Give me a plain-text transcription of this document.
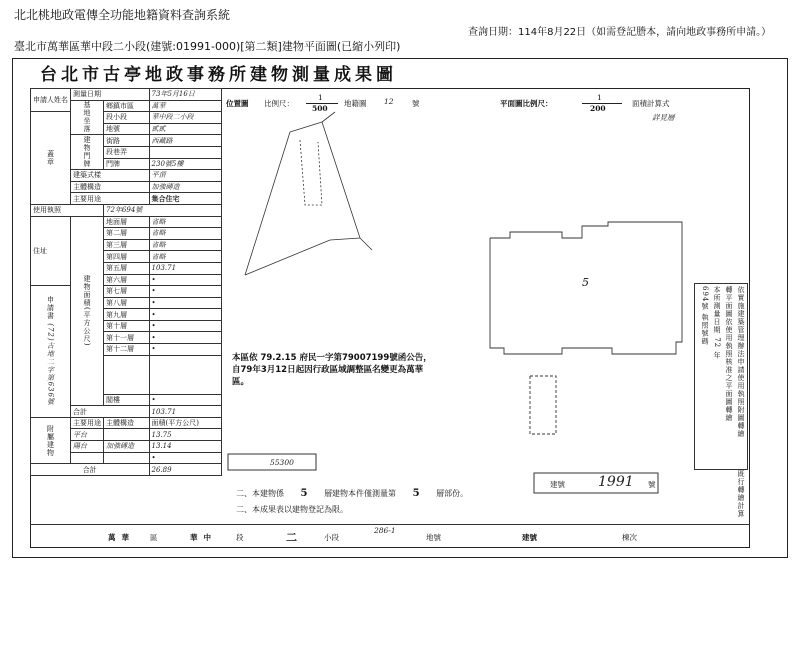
北北桃地政電傳全功能地籍資料查詢系統
查詢日期：114年8月22日（如需登記謄本，請向地政事務所申請。）
臺北市萬華區華中段二小段(建號:01991-000)[第二類]建物平面圖(已縮小列印)
台北市古亭地政事務所建物測量成果圖
申請人姓名	測量日期		73年5月16日
	基地坐落	鄉鎮市區	萬華
蓋章		段小段	華中段二小段
		地號	貳貳
	建物門牌	街路	西藏路
		段巷弄	
		門牌	230號5樓
	建築式樣		平頂
	主體構造		加強磚造
	主要用途		集合住宅
使用執照		72年694號	
住址	建物面積(平方公尺)	地面層	省略
		第二層	省略
		第三層	省略
		第四層	省略
		第五層	103.71
		第六層	•
申請書 (72)古地二字第636號		第七層	•
		第八層	•
		第九層	•
		第十層	•
		第十一層	•
		第十二層	•

		閣樓	•
	合計		103.71
附屬建物	主要用途	主體構造	面積(平方公尺)
	平台		13.75
	陽台	加強磚造	13.14
			•
合計			26.89
位置圖 比例尺：
1
500
地籍圖 12 號	平面圖比例尺：
1
200
面積計算式
詳見層
5
本區依 79.2.15 府民一字第79007199號函公告，自79年3月12日起因行政區域調整區名變更為萬華區。
55300
二、本建物係 5 層建物本件僅測量第 5 層部份。
二、本成果表以建物登記為限。
建號 1991 號
依實施建築管理辦法申請使用執照附圖轉繪
轉平面圖依使用執照核准之平面圖轉繪
本所測量日期 72 年
694號 執照號碼
既行轉繪計算
萬華 區	華中	段	二	小段
286-1
地號	建號	棟次
